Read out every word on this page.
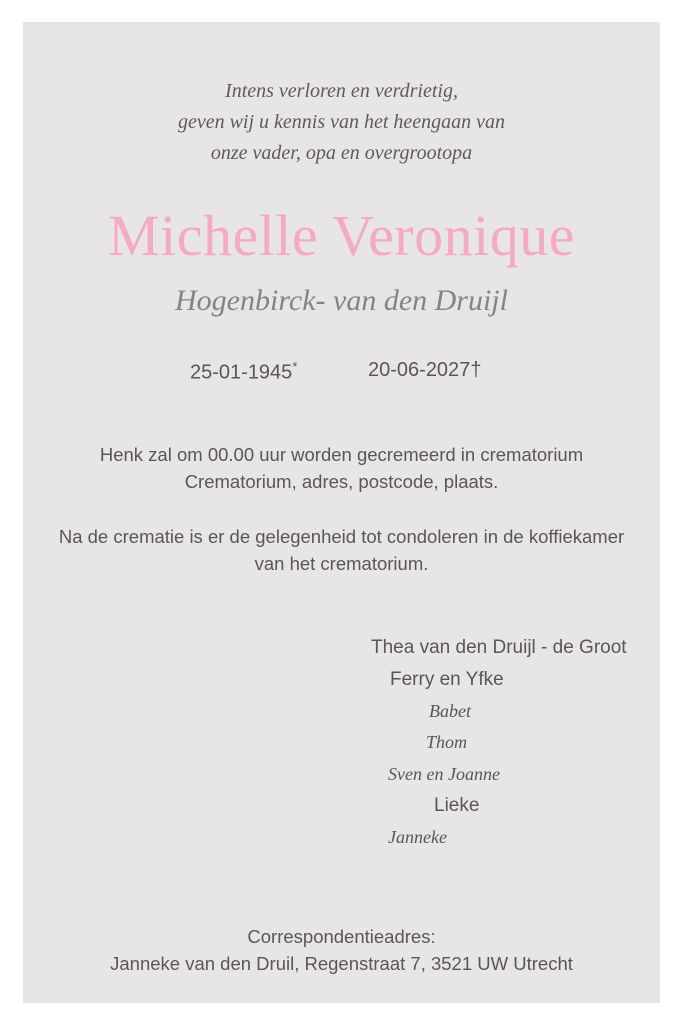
Intens verloren en verdrietig,
geven wij u kennis van het heengaan van
onze vader, opa en overgrootopa
Michelle Veronique
Hogenbirck- van den Druijl
25-01-1945*	20-06-2027†
Henk zal om 00.00 uur worden gecremeerd in crematorium
Crematorium, adres, postcode, plaats.
Na de crematie is er de gelegenheid tot condoleren in de koffiekamer
van het crematorium.
Thea van den Druijl - de Groot
Ferry en Yfke
Babet
Thom
Sven en Joanne
Lieke
Janneke
Correspondentieadres:
Janneke van den Druil, Regenstraat 7, 3521 UW Utrecht
